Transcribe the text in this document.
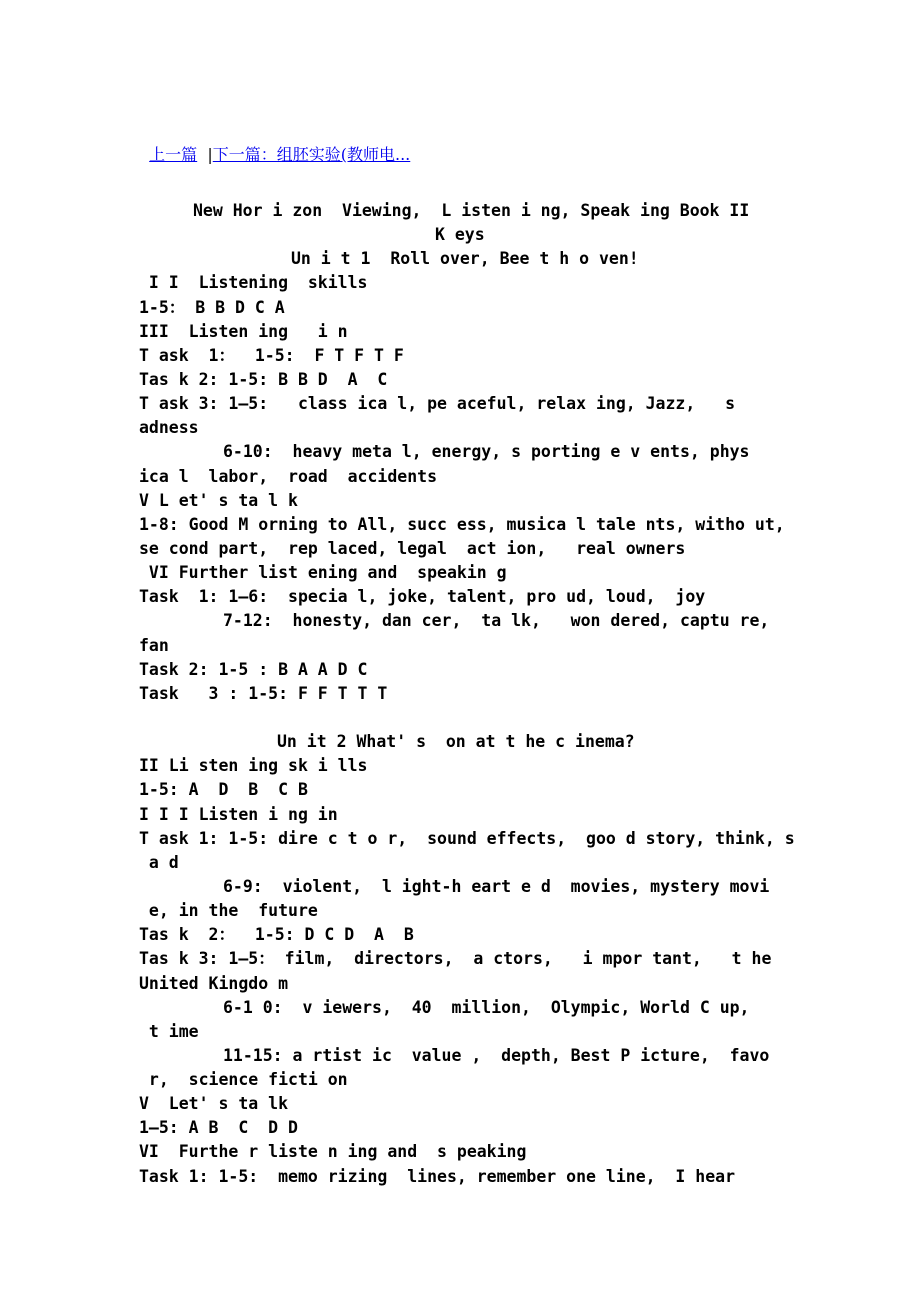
上一篇  |下一篇：组胚实验(教师电...

New Hor i zon  Viewing,  L isten i ng, Speak ing Book II
K eys
Un i t 1  Roll over, Bee t h o ven!
I I  Listening  skills
1-5： B B D C A
III  Listen ing   i n
T ask  1：  1-5:  F T F T F
Tas k 2: 1-5: B B D  A  C
T ask 3: 1—5:   class ica l, pe aceful, relax ing, Jazz,   s
adness
6-10:  heavy meta l, energy, s porting e v ents, phys
ica l  labor,  road  accidents
V L et' s ta l k
1-8: Good M orning to All, succ ess, musica l tale nts, witho ut,
se cond part,  rep laced, legal  act ion,   real owners
VI Further list ening and  speakin g
Task  1: 1—6:  specia l, joke, talent, pro ud, loud,  joy
7-12:  honesty, dan cer,  ta lk,   won dered, captu re,
fan
Task 2: 1-5 : B A A D C
Task   3 : 1-5: F F T T T
Un it 2 What' s  on at t he c inema?
II Li sten ing sk i lls
1-5: A  D  B  C B
I I I Listen i ng in
T ask 1: 1-5: dire c t o r,  sound effects,  goo d story, think, s
a d
6-9:  violent,  l ight-h eart e d  movies, mystery movi
e, in the  future
Tas k  2：  1-5: D C D  A  B
Tas k 3: 1—5： film,  directors,  a ctors,   i mpor tant,   t he
United Kingdo m
6-1 0:  v iewers,  40  million,  Olympic, World C up,
t ime
11-15: a rtist ic  value ,  depth, Best P icture,  favo
r,  science ficti on
V  Let' s ta lk
1—5: A B  C  D D
VI  Furthe r liste n ing and  s peaking
Task 1: 1-5:  memo rizing  lines, remember one line,  I hear
